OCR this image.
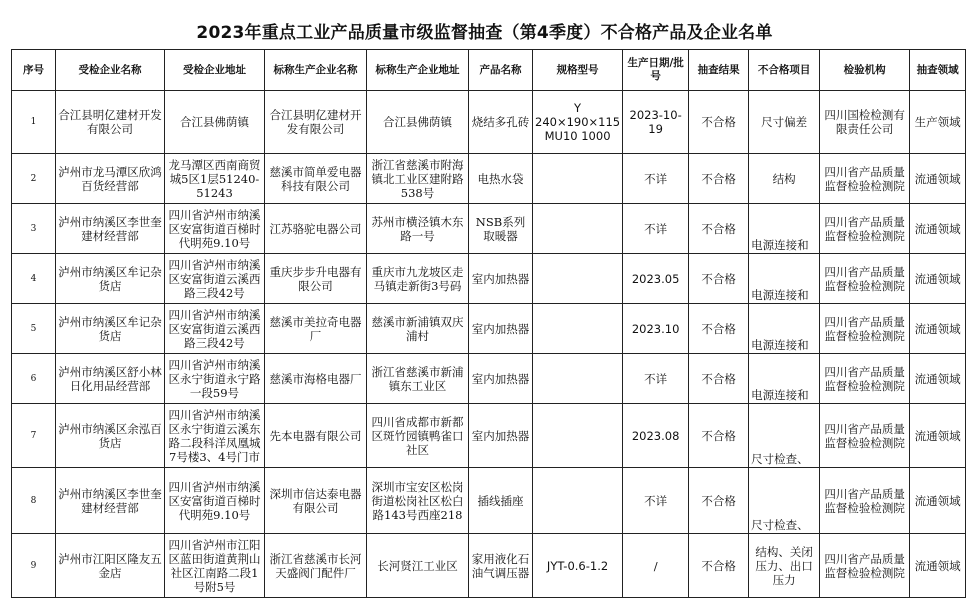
2023年重点工业产品质量市级监督抽查（第4季度）不合格产品及企业名单
序号	受检企业名称	受检企业地址	标称生产企业名称	标称生产企业地址	产品名称	规格型号	生产日期/批号	抽查结果	不合格项目	检验机构	抽查领域
1	合江县明亿建材开发有限公司	合江县佛荫镇	合江县明亿建材开发有限公司	合江县佛荫镇	烧结多孔砖	Y 240×190×115 MU10 1000	2023-10-19	不合格	尺寸偏差	四川国检检测有限责任公司	生产领域
2	泸州市龙马潭区欣鸿百货经营部	龙马潭区西南商贸城5区1层51240-51243	慈溪市简单爱电器科技有限公司	浙江省慈溪市附海镇北工业区建附路538号	电热水袋		不详	不合格	结构	四川省产品质量监督检验检测院	流通领域
3	泸州市纳溪区李世奎建材经营部	四川省泸州市纳溪区安富街道百梯时代明苑9.10号	江苏骆驼电器公司	苏州市横泾镇木东路一号	NSB系列取暖器		不详	不合格	电源连接和	四川省产品质量监督检验检测院	流通领域
4	泸州市纳溪区牟记杂货店	四川省泸州市纳溪区安富街道云溪西路三段42号	重庆步步升电器有限公司	重庆市九龙坡区走马镇走新街3号码	室内加热器		2023.05	不合格	电源连接和	四川省产品质量监督检验检测院	流通领域
5	泸州市纳溪区牟记杂货店	四川省泸州市纳溪区安富街道云溪西路三段42号	慈溪市美拉奇电器厂	慈溪市新浦镇双庆浦村	室内加热器		2023.10	不合格	电源连接和	四川省产品质量监督检验检测院	流通领域
6	泸州市纳溪区舒小林日化用品经营部	四川省泸州市纳溪区永宁街道永宁路一段59号	慈溪市海格电器厂	浙江省慈溪市新浦镇东工业区	室内加热器		不详	不合格	电源连接和	四川省产品质量监督检验检测院	流通领域
7	泸州市纳溪区余泓百货店	四川省泸州市纳溪区永宁街道云溪东路二段科洋凤凰城7号楼3、4号门市	先本电器有限公司	四川省成都市新都区斑竹园镇鸭雀口社区	室内加热器		2023.08	不合格	尺寸检查、	四川省产品质量监督检验检测院	流通领域
8	泸州市纳溪区李世奎建材经营部	四川省泸州市纳溪区安富街道百梯时代明苑9.10号	深圳市信达泰电器有限公司	深圳市宝安区松岗街道松岗社区松白路143号西座218	插线插座		不详	不合格	尺寸检查、	四川省产品质量监督检验检测院	流通领域
9	泸州市江阳区隆友五金店	四川省泸州市江阳区蓝田街道黄荆山社区江南路二段1号附5号	浙江省慈溪市长河天盛阀门配件厂	长河贤江工业区	家用液化石油气调压器	JYT-0.6-1.2	/	不合格	结构、关闭压力、出口压力	四川省产品质量监督检验检测院	流通领域
